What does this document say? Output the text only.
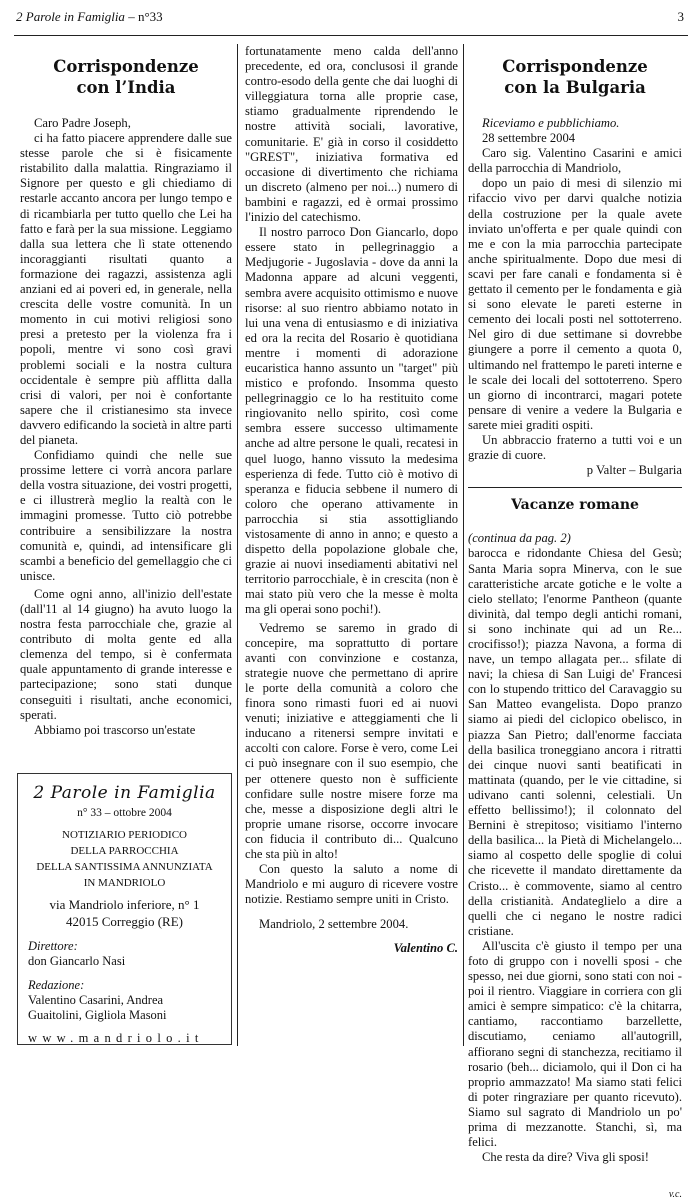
2 Parole in Famiglia – n°33	3
Corrispondenze
con l’India

Caro Padre Joseph,

ci ha fatto piacere apprendere dalle sue stesse parole che si è fisicamente ristabilito dalla malattia. Ringraziamo il Signore per questo e gli chiediamo di restarle accanto ancora per lungo tempo e di ricambiarla per tutto quello che Lei ha fatto e farà per la sua missione. Leggiamo dalla sua lettera che lì state ottenendo incoraggianti risultati quanto a formazione dei ragazzi, assistenza agli anziani ed ai poveri ed, in generale, nella crescita delle vostre comunità. In un momento in cui motivi religiosi sono presi a pretesto per la violenza fra i popoli, mentre vi sono così gravi problemi sociali e la nostra cultura occidentale è sempre più afflitta dalla crisi di valori, per noi è confortante sapere che il cristianesimo sta invece davvero edificando la società in altre parti del pianeta.

Confidiamo quindi che nelle sue prossime lettere ci vorrà ancora parlare della vostra situazione, dei vostri progetti, e ci illustrerà meglio la realtà con le immagini promesse. Tutto ciò potrebbe contribuire a sensibilizzare la nostra comunità e, quindi, ad intensificare gli scambi a beneficio del gemellaggio che ci unisce.

Come ogni anno, all'inizio dell'estate (dall'11 al 14 giugno) ha avuto luogo la nostra festa parrocchiale che, grazie al contributo di molta gente ed alla clemenza del tempo, si è confermata quale appuntamento di grande interesse e partecipazione; sono stati dunque conseguiti i risultati, anche economici, sperati.

Abbiamo poi trascorso un'estate

2 Parole in Famiglia
n° 33 – ottobre 2004
NOTIZIARIO PERIODICO
DELLA PARROCCHIA
DELLA SANTISSIMA ANNUNZIATA
IN MANDRIOLO
via Mandriolo inferiore, n° 1
42015 Correggio (RE)
Direttore:
don Giancarlo Nasi
Redazione:
Valentino Casarini, Andrea
Guaitolini, Gigliola Masoni
www.mandriolo.it

fortunatamente meno calda dell'anno precedente, ed ora, conclusosi il grande contro-esodo della gente che dai luoghi di villeggiatura torna alle proprie case, stiamo gradualmente riprendendo le nostre attività sociali, lavorative, comunitarie. E' già in corso il cosiddetto "GREST", iniziativa formativa ed occasione di divertimento che richiama un discreto (almeno per noi...) numero di bambini e ragazzi, ed è ormai prossimo l'inizio del catechismo.

Il nostro parroco Don Giancarlo, dopo essere stato in pellegrinaggio a Medjugorie - Jugoslavia - dove da anni la Madonna appare ad alcuni veggenti, sembra avere acquisito ottimismo e nuove risorse: al suo rientro abbiamo notato in lui una vena di entusiasmo e di iniziativa ed ora la recita del Rosario è quotidiana mentre i momenti di adorazione eucaristica hanno assunto un "target" più mistico e profondo. Insomma questo pellegrinaggio ce lo ha restituito come ringiovanito nello spirito, così come sembra essere successo ultimamente anche ad altre persone le quali, recatesi in quel luogo, hanno vissuto la medesima esperienza di fede. Tutto ciò è motivo di speranza e fiducia sebbene il numero di coloro che operano attivamente in parrocchia si stia assottigliando vistosamente di anno in anno; e questo a dispetto della popolazione globale che, grazie ai nuovi insediamenti abitativi nel territorio parrocchiale, è in crescita (non è mai stato più vero che la messe è molta ma gli operai sono pochi!).

Vedremo se saremo in grado di concepire, ma soprattutto di portare avanti con convinzione e costanza, strategie nuove che permettano di aprire le porte della comunità a coloro che finora sono rimasti fuori ed ai nuovi venuti; iniziative e atteggiamenti che li inducano a ritenersi sempre invitati e accolti con calore. Forse è vero, come Lei ci può insegnare con il suo esempio, che per ottenere questo non è sufficiente confidare sulle nostre misere forze ma che, messe a disposizione degli altri le proprie umane risorse, occorre invocare con fiducia il contributo di... Qualcuno che sta più in alto!

Con questo la saluto a nome di Mandriolo e mi auguro di ricevere vostre notizie. Restiamo sempre uniti in Cristo.

Mandriolo, 2 settembre 2004.

Valentino C.

Corrispondenze
con la Bulgaria

Riceviamo e pubblichiamo.

28 settembre 2004

Caro sig. Valentino Casarini e amici della parrocchia di Mandriolo,

dopo un paio di mesi di silenzio mi rifaccio vivo per darvi qualche notizia della costruzione per la quale avete inviato un'offerta e per quale quindi con me e con la mia parrocchia partecipate anche spiritualmente. Dopo due mesi di scavi per fare canali e fondamenta si è gettato il cemento per le fondamenta e già si sono elevate le pareti esterne in cemento dei locali posti nel sottoterreno. Nel giro di due settimane si dovrebbe giungere a porre il cemento a quota 0, ultimando nel frattempo le pareti interne e le scale dei locali del sottoterreno. Spero un giorno di incontrarci, magari potete pensare di venire a vedere la Bulgaria e sarete miei graditi ospiti.

Un abbraccio fraterno a tutti voi e un grazie di cuore.

p Valter – Bulgaria

Vacanze romane

(continua da pag. 2)

barocca e ridondante Chiesa del Gesù; Santa Maria sopra Minerva, con le sue caratteristiche arcate gotiche e le volte a cielo stellato; l'enorme Pantheon (quante divinità, dal tempo degli antichi romani, si sono inchinate qui ad un Re... crocifisso!); piazza Navona, a forma di nave, un tempo allagata per... sfilate di navi; la chiesa di San Luigi de' Francesi con lo stupendo trittico del Caravaggio su San Matteo evangelista. Dopo pranzo siamo ai piedi del ciclopico obelisco, in piazza San Pietro; dall'enorme facciata della basilica troneggiano ancora i ritratti dei cinque nuovi santi beatificati in mattinata (quando, per le vie cittadine, si udivano canti solenni, celestiali. Un effetto bellissimo!); il colonnato del Bernini è strepitoso; visitiamo l'interno della basilica... la Pietà di Michelangelo... siamo al cospetto delle spoglie di colui che ricevette il mandato direttamente da Cristo... è commovente, siamo al centro della cristianità. Andateglielo a dire a quelli che ci negano le nostre radici cristiane.

All'uscita c'è giusto il tempo per una foto di gruppo con i novelli sposi - che spesso, nei due giorni, sono stati con noi - poi il rientro. Viaggiare in corriera con gli amici è sempre simpatico: c'è la chitarra, cantiamo, raccontiamo barzellette, discutiamo, ceniamo all'autogrill, affiorano segni di stanchezza, recitiamo il rosario (beh... diciamolo, qui il Don ci ha proprio ammazzato! Ma siamo stati felici di poter ringraziare per quanto ricevuto). Siamo sul sagrato di Mandriolo un po' prima di mezzanotte. Stanchi, sì, ma felici.

Che resta da dire? Viva gli sposi!

v.c.
